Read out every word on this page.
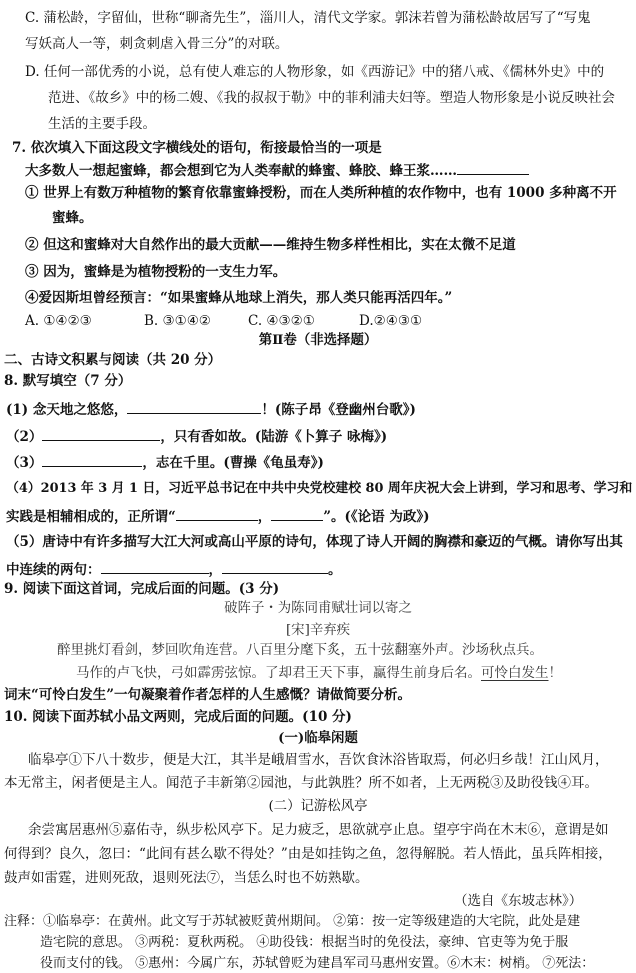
C. 蒲松龄，字留仙，世称“聊斋先生”，淄川人，清代文学家。郭沫若曾为蒲松龄故居写了“写鬼
写妖高人一等，刺贪刺虐入骨三分”的对联。
D. 任何一部优秀的小说，总有使人难忘的人物形象，如《西游记》中的猪八戒、《儒林外史》中的
范进、《故乡》中的杨二嫂、《我的叔叔于勒》中的菲利浦夫妇等。塑造人物形象是小说反映社会
生活的主要手段。
7. 依次填入下面这段文字横线处的语句，衔接最恰当的一项是
大多数人一想起蜜蜂，都会想到它为人类奉献的蜂蜜、蜂胶、蜂王浆……
① 世界上有数万种植物的繁育依靠蜜蜂授粉，而在人类所种植的农作物中，也有 1000 多种离不开
蜜蜂。
② 但这和蜜蜂对大自然作出的最大贡献——维持生物多样性相比，实在太微不足道
③ 因为，蜜蜂是为植物授粉的一支生力军。
④爱因斯坦曾经预言：“如果蜜蜂从地球上消失，那人类只能再活四年。”
A. ①④②③	B. ③①④②	C. ④③②①	D.②④③①
第Ⅱ卷（非选择题）
二、古诗文积累与阅读（共 20 分）
8. 默写填空（7 分）
(1) 念天地之悠悠，	！(陈子昂《登幽州台歌》)
（2）	，只有香如故。(陆游《卜算子 咏梅》)
（3）	，志在千里。(曹操《龟虽寿》)
（4）2013 年 3 月 1 日，习近平总书记在中共中央党校建校 80 周年庆祝大会上讲到，学习和思考、学习和
实践是相辅相成的，正所谓“	，	”。(《论语 为政》)
（5）唐诗中有许多描写大江大河或高山平原的诗句，体现了诗人开阔的胸襟和豪迈的气概。请你写出其
中连续的两句：	，	。
9. 阅读下面这首词，完成后面的问题。(3 分)
破阵子・为陈同甫赋壮词以寄之
[宋]辛弃疾
醉里挑灯看剑，梦回吹角连营。八百里分麾下炙，五十弦翻塞外声。沙场秋点兵。
马作的卢飞快，弓如霹雳弦惊。了却君王天下事，赢得生前身后名。可怜白发生！
词末“可怜白发生”一句凝聚着作者怎样的人生感慨？请做简要分析。
10. 阅读下面苏轼小品文两则，完成后面的问题。(10 分)
(一)临皋闲题
临皋亭①下八十数步，便是大江，其半是峨眉雪水，吾饮食沐浴皆取焉，何必归乡哉！江山风月，
本无常主，闲者便是主人。闻范子丰新第②园池，与此孰胜？所不如者，上无两税③及助役钱④耳。
(二）记游松风亭
余尝寓居惠州⑤嘉佑寺，纵步松风亭下。足力疲乏，思欲就亭止息。望亭宇尚在木末⑥，意谓是如
何得到？良久，忽曰：“此间有甚么歇不得处？”由是如挂钩之鱼，忽得解脱。若人悟此，虽兵阵相接，
鼓声如雷霆，进则死敌，退则死法⑦，当恁么时也不妨熟歇。
（选自《东坡志林》）
注释：①临皋亭：在黄州。此文写于苏轼被贬黄州期间。 ②第：按一定等级建造的大宅院，此处是建
造宅院的意思。 ③两税：夏秋两税。 ④助役钱：根据当时的免役法，豪绅、官吏等为免于服
役而支付的钱。 ⑤惠州：今属广东，苏轼曾贬为建昌军司马惠州安置。⑥木末：树梢。 ⑦死法：
